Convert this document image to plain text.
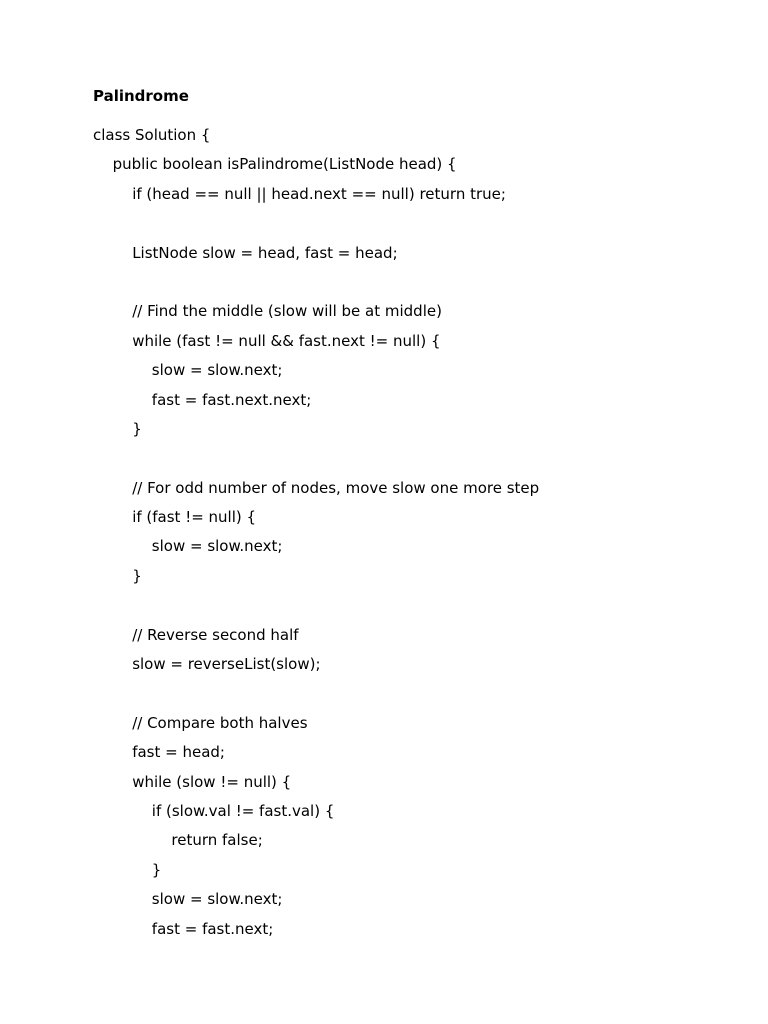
Palindrome
class Solution {
public boolean isPalindrome(ListNode head) {
if (head == null || head.next == null) return true;
ListNode slow = head, fast = head;
// Find the middle (slow will be at middle)
while (fast != null && fast.next != null) {
slow = slow.next;
fast = fast.next.next;
}
// For odd number of nodes, move slow one more step
if (fast != null) {
slow = slow.next;
}
// Reverse second half
slow = reverseList(slow);
// Compare both halves
fast = head;
while (slow != null) {
if (slow.val != fast.val) {
return false;
}
slow = slow.next;
fast = fast.next;
